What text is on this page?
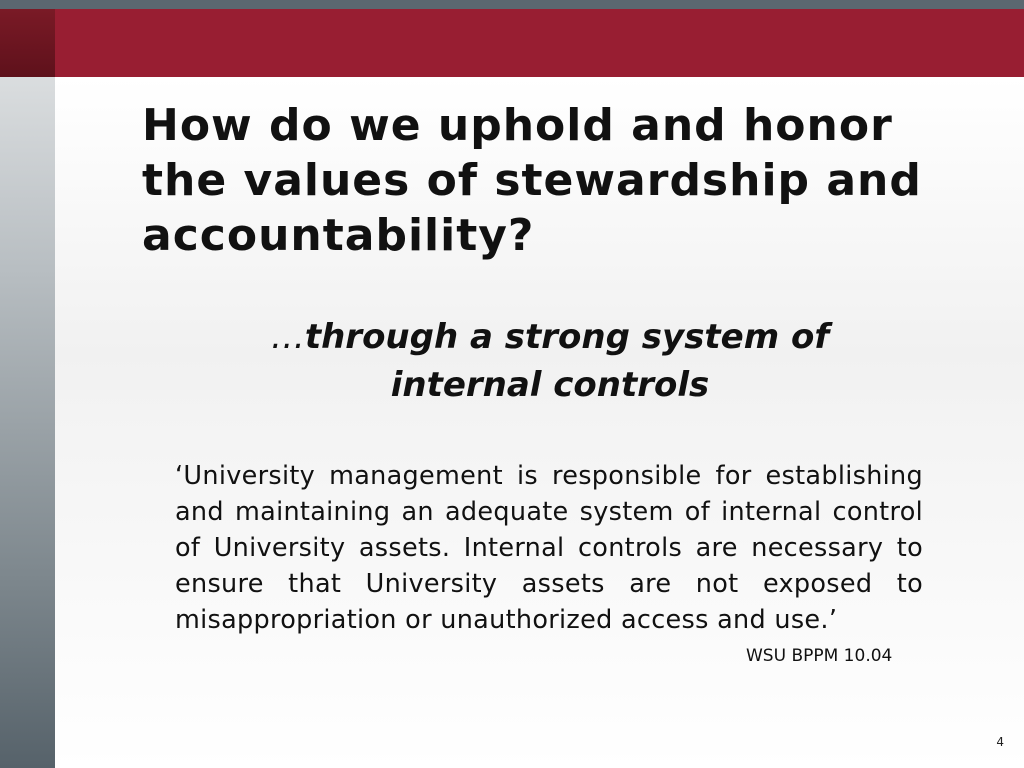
How do we uphold and honor the values of stewardship and accountability?
…through a strong system of
internal controls

‘University management is responsible for establishing and maintaining an adequate system of internal control of University assets. Internal controls are necessary to ensure that University assets are not exposed to misappropriation or unauthorized access and use.’

WSU BPPM 10.04
4
